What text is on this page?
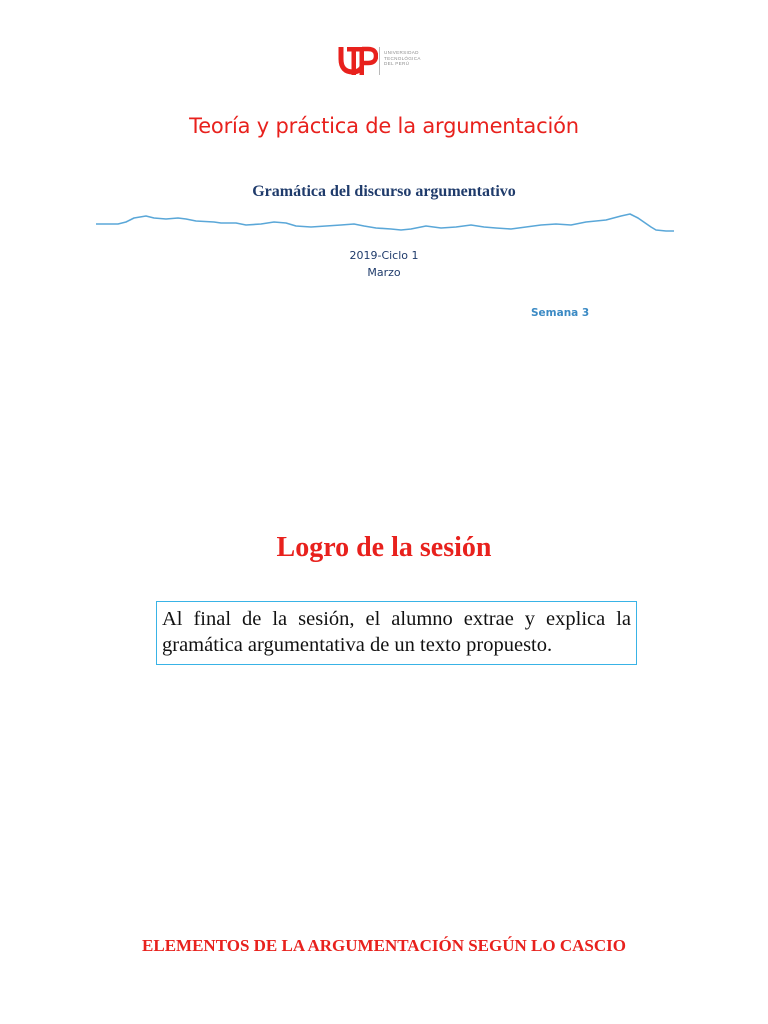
UNIVERSIDAD
TECNOLÓGICA
DEL PERÚ
Teoría y práctica de la argumentación
Gramática del discurso argumentativo
2019-Ciclo 1
Marzo
Semana 3
Logro de la sesión
Al final de la sesión, el alumno extrae y explica la gramática argumentativa de un texto propuesto.
ELEMENTOS DE LA ARGUMENTACIÓN SEGÚN LO CASCIO
